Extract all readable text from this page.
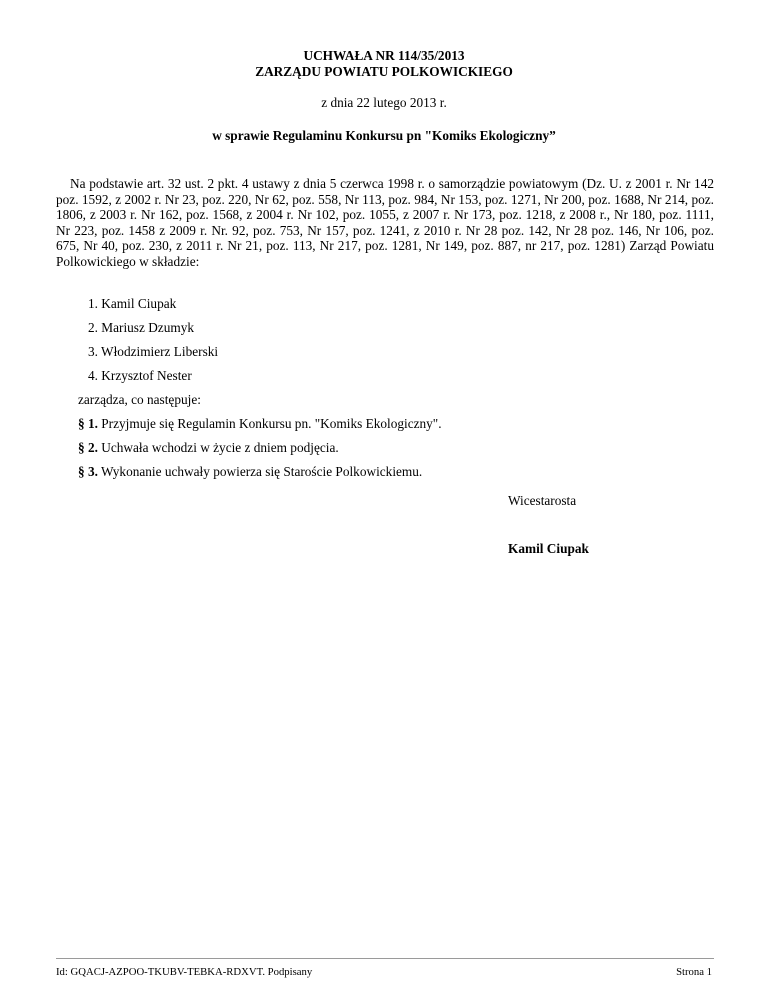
UCHWAŁA NR 114/35/2013
ZARZĄDU POWIATU POLKOWICKIEGO
z dnia 22 lutego 2013 r.
w sprawie Regulaminu Konkursu pn "Komiks Ekologiczny”
Na podstawie art. 32 ust. 2 pkt. 4 ustawy z dnia 5 czerwca 1998 r. o samorządzie powiatowym (Dz. U. z 2001 r. Nr 142 poz. 1592, z 2002 r. Nr 23, poz. 220, Nr 62, poz. 558, Nr 113, poz. 984, Nr 153, poz. 1271, Nr 200, poz. 1688, Nr 214, poz. 1806, z 2003 r. Nr 162, poz. 1568, z 2004 r. Nr 102, poz. 1055, z 2007 r. Nr 173, poz. 1218, z 2008 r., Nr 180, poz. 1111, Nr 223, poz. 1458 z 2009 r. Nr. 92, poz. 753, Nr 157, poz. 1241, z 2010 r. Nr 28 poz. 142, Nr 28 poz. 146, Nr 106, poz. 675, Nr 40, poz. 230, z 2011 r. Nr 21, poz. 113, Nr 217, poz. 1281, Nr 149, poz. 887, nr 217, poz. 1281) Zarząd Powiatu Polkowickiego w składzie:
1. Kamil Ciupak
2. Mariusz Dzumyk
3. Włodzimierz Liberski
4. Krzysztof Nester
zarządza, co następuje:
§ 1. Przyjmuje się Regulamin Konkursu pn. "Komiks Ekologiczny".
§ 2. Uchwała wchodzi w życie z dniem podjęcia.
§ 3. Wykonanie uchwały powierza się Staroście Polkowickiemu.
Wicestarosta
Kamil Ciupak
Id: GQACJ-AZPOO-TKUBV-TEBKA-RDXVT. Podpisany	Strona 1
